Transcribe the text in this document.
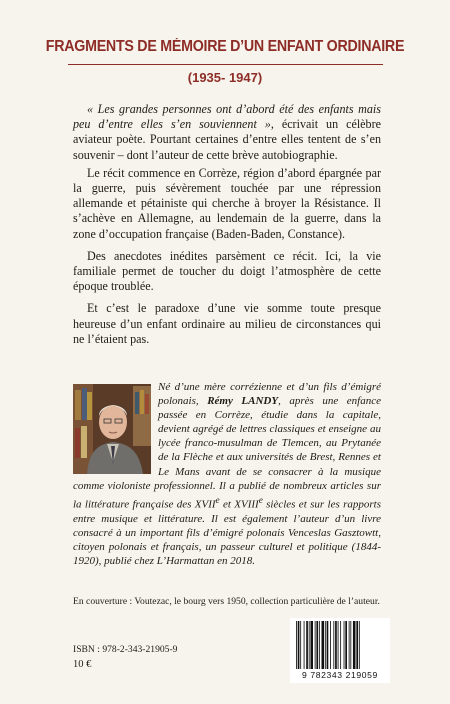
FRAGMENTS DE MÉMOIRE D’UN ENFANT ORDINAIRE
(1935- 1947)

« Les grandes personnes ont d’abord été des enfants mais peu d’entre elles s’en souviennent », écrivait un célèbre aviateur poète. Pourtant certaines d’entre elles tentent de s’en souvenir – dont l’auteur de cette brève autobiographie.

Le récit commence en Corrèze, région d’abord épargnée par la guerre, puis sévèrement touchée par une répression allemande et pétainiste qui cherche à broyer la Résistance. Il s’achève en Allemagne, au lendemain de la guerre, dans la zone d’occupation française (Baden-Baden, Constance).

Des anecdotes inédites parsèment ce récit. Ici, la vie familiale permet de toucher du doigt l’atmosphère de cette époque troublée.

Et c’est le paradoxe d’une vie somme toute presque heureuse d’un enfant ordinaire au milieu de circonstances qui ne l’étaient pas.

Né d’une mère corrézienne et d’un fils d’émigré polonais, Rémy LANDY, après une enfance passée en Corrèze, étudie dans la capitale, devient agrégé de lettres classiques et enseigne au lycée franco-musulman de Tlemcen, au Prytanée de la Flèche et aux universités de Brest, Rennes et Le Mans avant de se consacrer à la musique comme violoniste professionnel. Il a publié de nombreux articles sur la littérature française des XVIIe et XVIIIe siècles et sur les rapports entre musique et littérature. Il est également l’auteur d’un livre consacré à un important fils d’émigré polonais Venceslas Gasztowtt, citoyen polonais et français, un passeur culturel et politique (1844-1920), publié chez L’Harmattan en 2018.
En couverture : Voutezac, le bourg vers 1950, collection particulière de l’auteur.
9 782343 219059
ISBN : 978-2-343-21905-9
10 €
